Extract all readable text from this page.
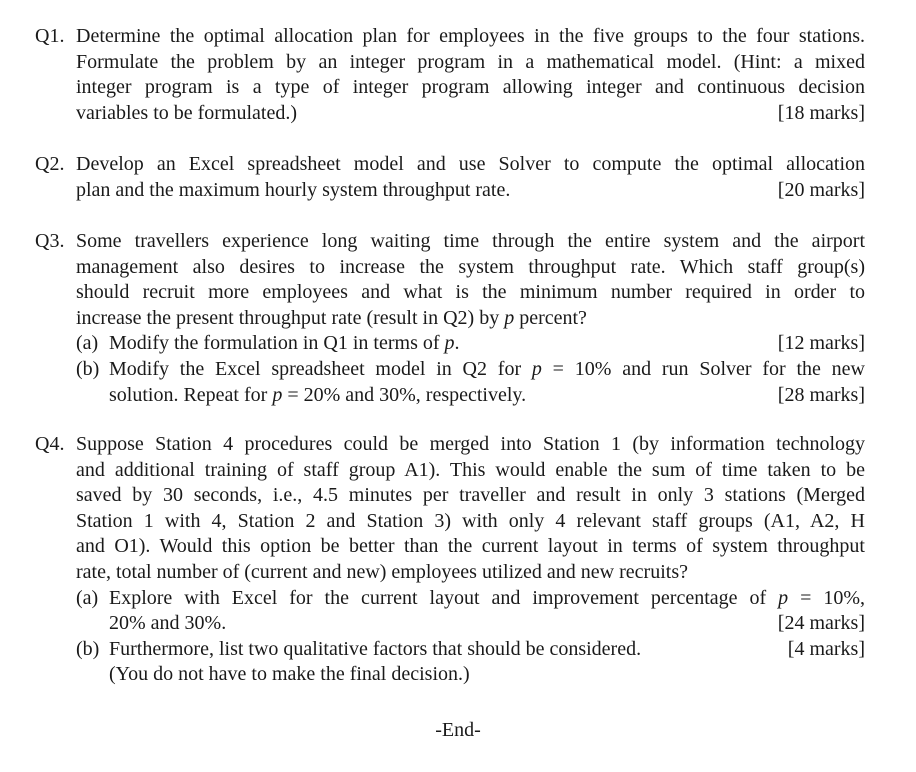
Q1. Determine the optimal allocation plan for employees in the five groups to the four stations.
Formulate the problem by an integer program in a mathematical model. (Hint: a mixed
integer program is a type of integer program allowing integer and continuous decision
variables to be formulated.)	[18 marks]
Q2. Develop an Excel spreadsheet model and use Solver to compute the optimal allocation
plan and the maximum hourly system throughput rate.	[20 marks]
Q3. Some travellers experience long waiting time through the entire system and the airport
management also desires to increase the system throughput rate. Which staff group(s)
should recruit more employees and what is the minimum number required in order to
increase the present throughput rate (result in Q2) by p percent?
(a) Modify the formulation in Q1 in terms of p.	[12 marks]
(b) Modify the Excel spreadsheet model in Q2 for p = 10% and run Solver for the new
solution. Repeat for p = 20% and 30%, respectively.	[28 marks]
Q4. Suppose Station 4 procedures could be merged into Station 1 (by information technology
and additional training of staff group A1). This would enable the sum of time taken to be
saved by 30 seconds, i.e., 4.5 minutes per traveller and result in only 3 stations (Merged
Station 1 with 4, Station 2 and Station 3) with only 4 relevant staff groups (A1, A2, H
and O1). Would this option be better than the current layout in terms of system throughput
rate, total number of (current and new) employees utilized and new recruits?
(a) Explore with Excel for the current layout and improvement percentage of p = 10%,
20% and 30%.	[24 marks]
(b) Furthermore, list two qualitative factors that should be considered.	[4 marks]
(You do not have to make the final decision.)
-End-
